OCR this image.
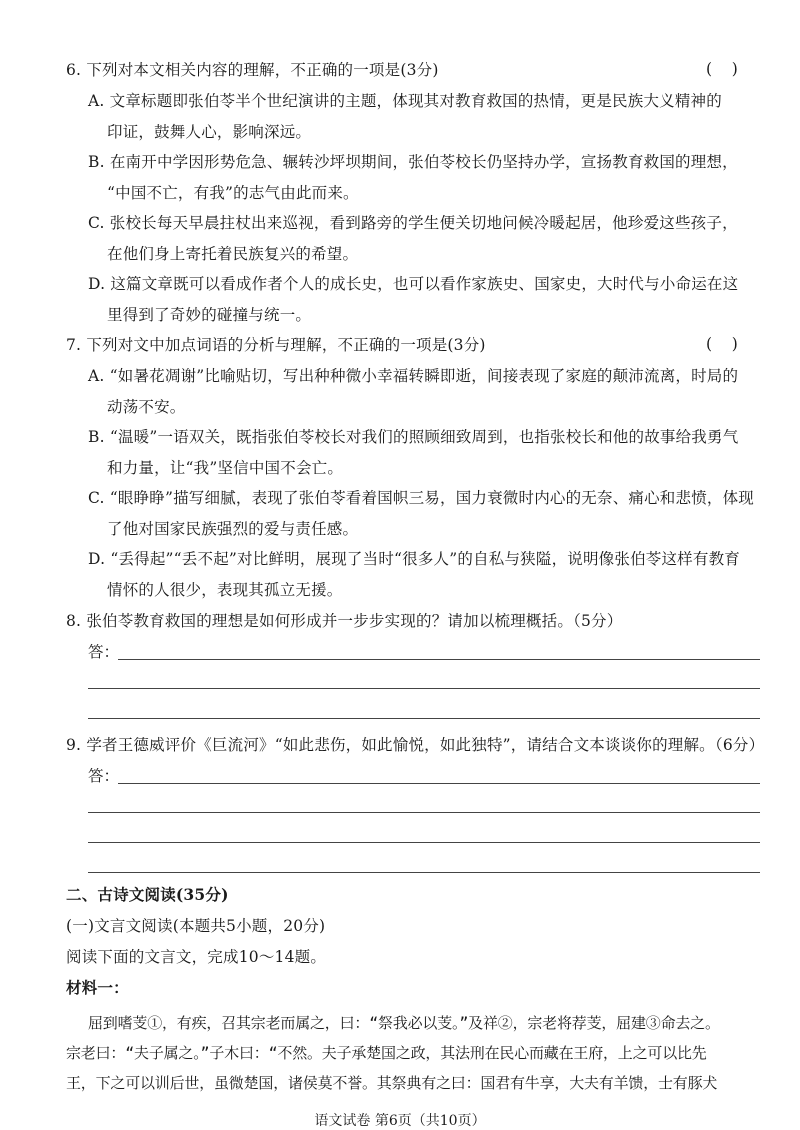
6. 下列对本文相关内容的理解，不正确的一项是(3分)	(    )
A. 文章标题即张伯苓半个世纪演讲的主题，体现其对教育救国的热情，更是民族大义精神的
印证，鼓舞人心，影响深远。
B. 在南开中学因形势危急、辗转沙坪坝期间，张伯苓校长仍坚持办学，宣扬教育救国的理想，
“中国不亡，有我”的志气由此而来。
C. 张校长每天早晨拄杖出来巡视，看到路旁的学生便关切地问候冷暖起居，他珍爱这些孩子，
在他们身上寄托着民族复兴的希望。
D. 这篇文章既可以看成作者个人的成长史，也可以看作家族史、国家史，大时代与小命运在这
里得到了奇妙的碰撞与统一。
7. 下列对文中加点词语的分析与理解，不正确的一项是(3分)	(    )
A. “如暑花凋谢”比喻贴切，写出种种微小幸福转瞬即逝，间接表现了家庭的颠沛流离，时局的
动荡不安。
B. “温暖”一语双关，既指张伯苓校长对我们的照顾细致周到，也指张校长和他的故事给我勇气
和力量，让“我”坚信中国不会亡。
C. “眼睁睁”描写细腻，表现了张伯苓看着国帜三易，国力衰微时内心的无奈、痛心和悲愤，体现
了他对国家民族强烈的爱与责任感。
D. “丢得起”“丢不起”对比鲜明，展现了当时“很多人”的自私与狭隘，说明像张伯苓这样有教育
情怀的人很少，表现其孤立无援。
8. 张伯苓教育救国的理想是如何形成并一步步实现的？请加以梳理概括。（5分）
答：
9. 学者王德威评价《巨流河》“如此悲伤，如此愉悦，如此独特”，请结合文本谈谈你的理解。（6分）
答：
二、古诗文阅读(35分)
(一)文言文阅读(本题共5小题，20分)
阅读下面的文言文，完成10～14题。
材料一：
屈到嗜芰①，有疾，召其宗老而属之，曰：“祭我必以芰。”及祥②，宗老将荐芰，屈建③命去之。
宗老曰：“夫子属之。”子木曰：“不然。夫子承楚国之政，其法刑在民心而藏在王府，上之可以比先
王，下之可以训后世，虽微楚国，诸侯莫不誉。其祭典有之曰：国君有牛享，大夫有羊馈，士有豚犬
语文试卷 第6页（共10页）
